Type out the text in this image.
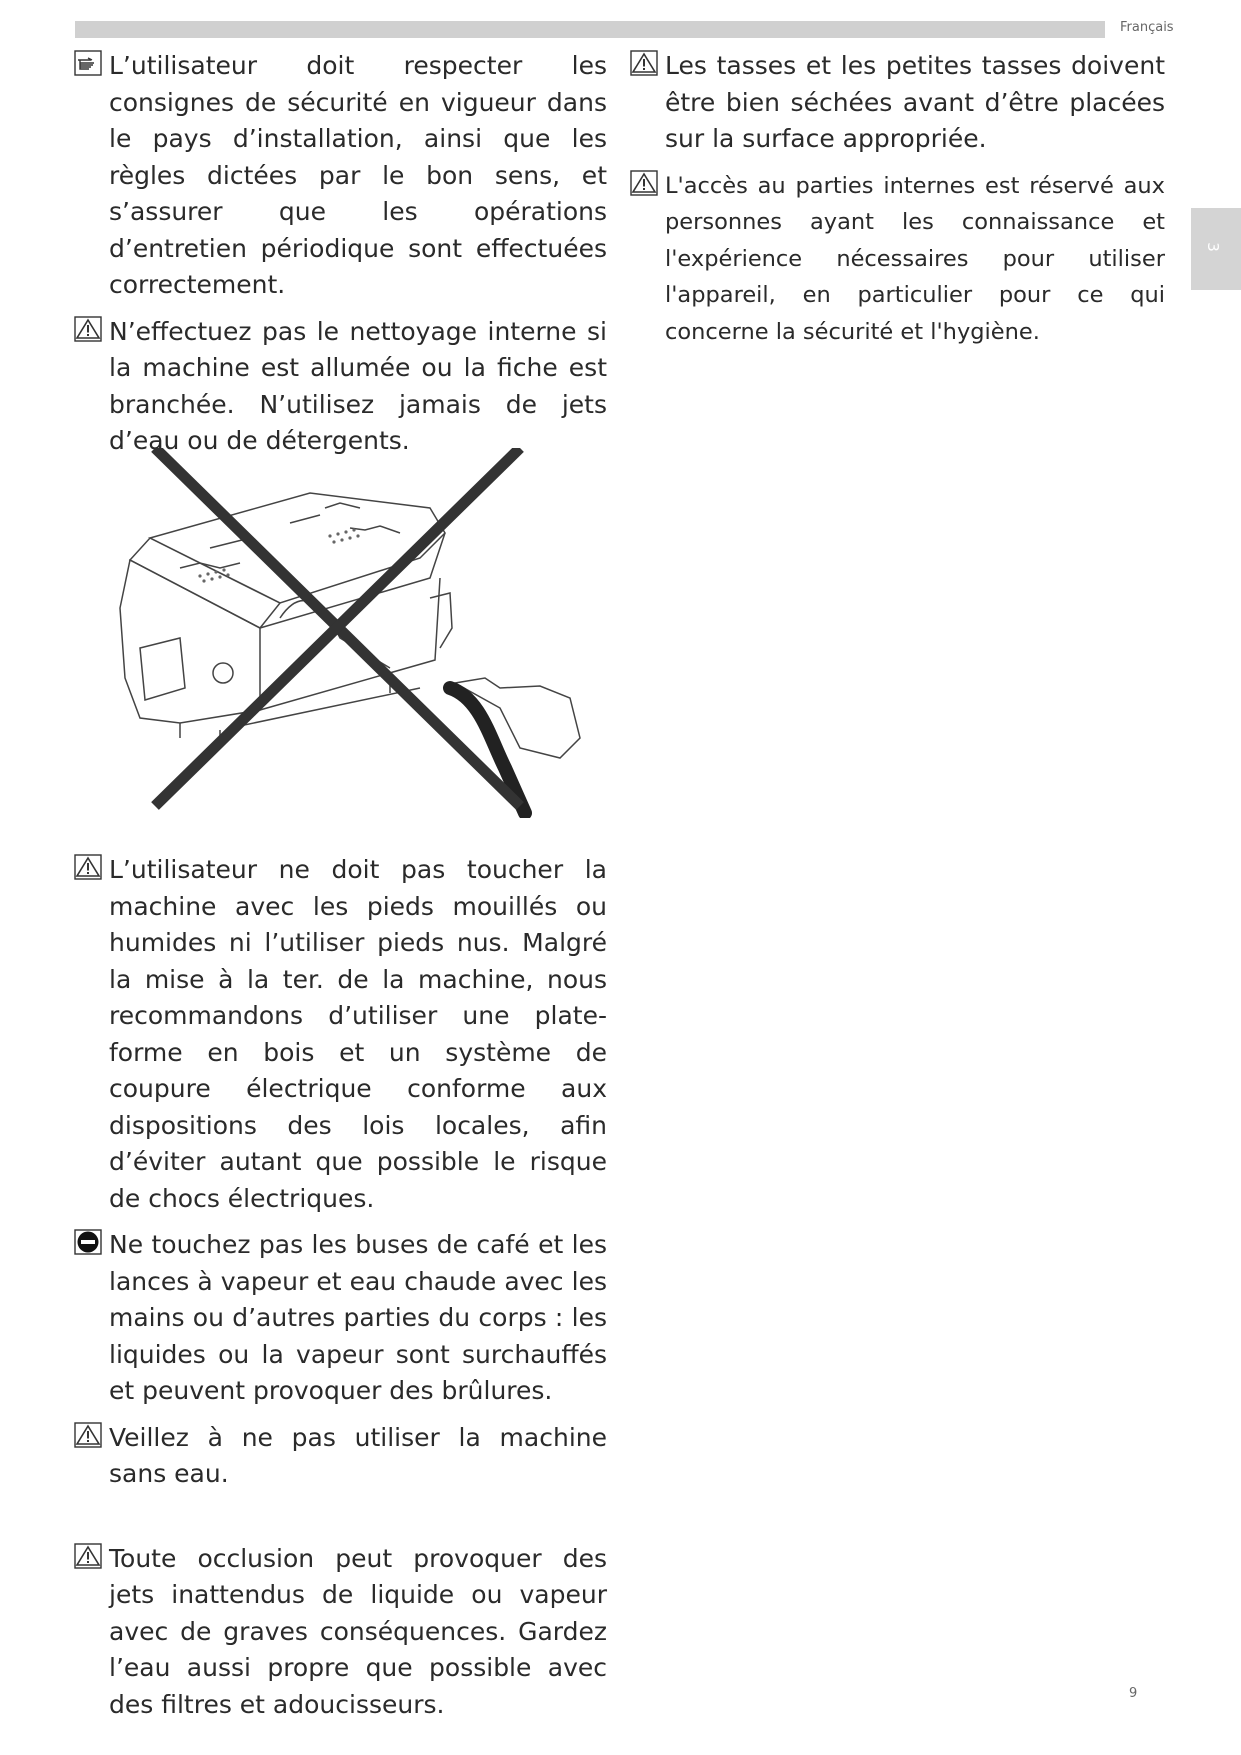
Français
3

L’utilisateur doit respecter les consignes de sécurité en vigueur dans le pays d’installation, ainsi que les règles dictées par le bon sens, et s’assurer que les opérations d’entretien périodique sont effectuées correctement.

N’effectuez pas le nettoyage interne si la machine est allumée ou la fiche est branchée. N’utilisez jamais de jets d’eau ou de détergents.

L’utilisateur ne doit pas toucher la machine avec les pieds mouillés ou humides ni l’utiliser pieds nus. Malgré la mise à la ter. de la machine, nous recommandons d’utiliser une plate-forme en bois et un système de coupure électrique conforme aux dispositions des lois locales, afin d’éviter autant que possible le risque de chocs électriques.

Ne touchez pas les buses de café et les lances à vapeur et eau chaude avec les mains ou d’autres parties du corps : les liquides ou la vapeur sont surchauffés et peuvent provoquer des brûlures.

Veillez à ne pas utiliser la machine sans eau.

Toute occlusion peut provoquer des jets inattendus de liquide ou vapeur avec de graves conséquences. Gardez l’eau aussi propre que possible avec des filtres et adoucisseurs.

Les tasses et les petites tasses doivent être bien séchées avant d’être placées sur la surface appropriée.

L'accès au parties internes est réservé aux personnes ayant les connaissance et l'expérience nécessaires pour utiliser l'appareil, en particulier pour ce qui concerne la sécurité et l'hygiène.

9
